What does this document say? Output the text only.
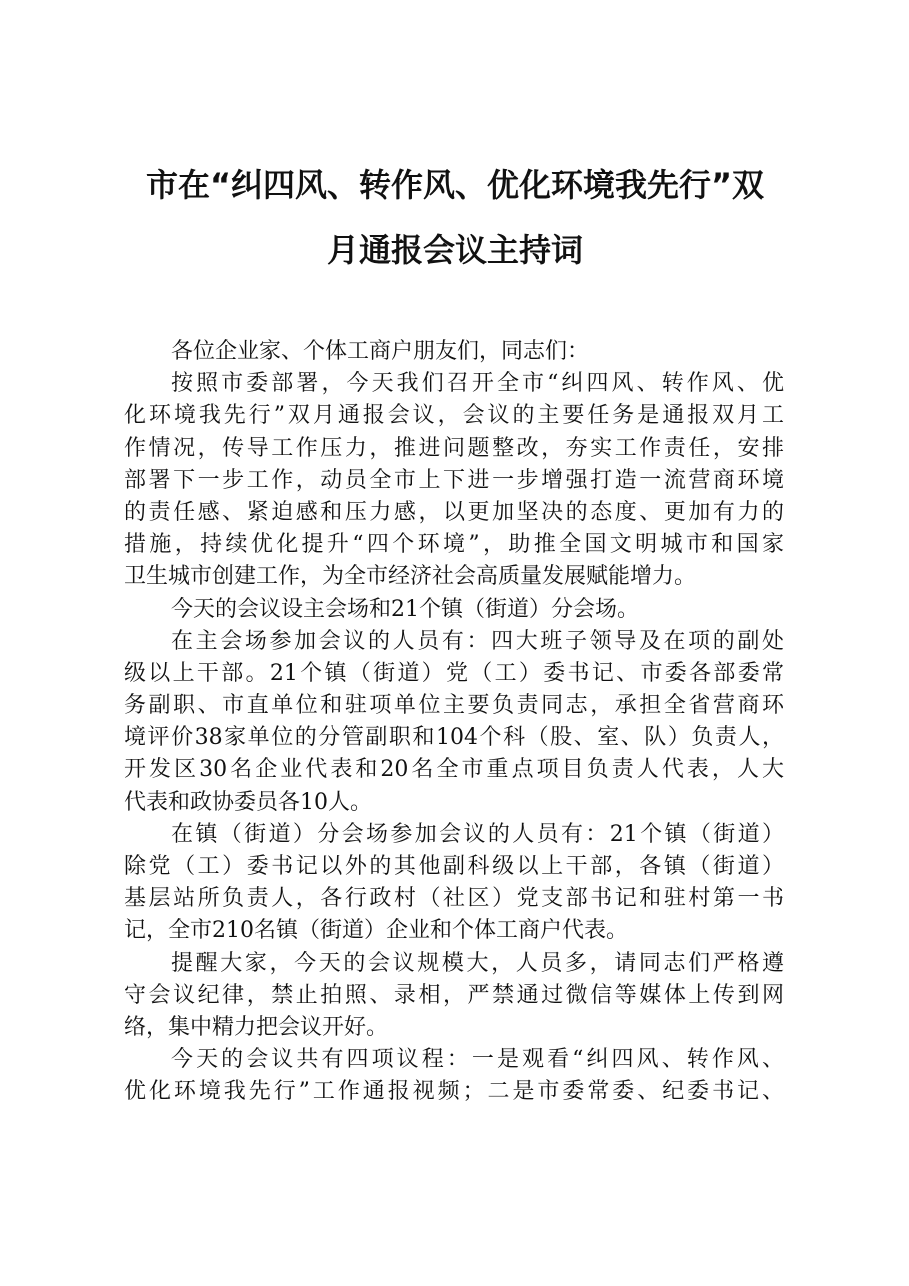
市在“纠四风、转作风、优化环境我先行”双
月通报会议主持词
各位企业家、个体工商户朋友们，同志们：
按照市委部署，今天我们召开全市“纠四风、转作风、优
化环境我先行”双月通报会议，会议的主要任务是通报双月工
作情况，传导工作压力，推进问题整改，夯实工作责任，安排
部署下一步工作，动员全市上下进一步增强打造一流营商环境
的责任感、紧迫感和压力感，以更加坚决的态度、更加有力的
措施，持续优化提升“四个环境”，助推全国文明城市和国家
卫生城市创建工作，为全市经济社会高质量发展赋能增力。
今天的会议设主会场和21个镇（街道）分会场。
在主会场参加会议的人员有：四大班子领导及在项的副处
级以上干部。21个镇（街道）党（工）委书记、市委各部委常
务副职、市直单位和驻项单位主要负责同志，承担全省营商环
境评价38家单位的分管副职和104个科（股、室、队）负责人，
开发区30名企业代表和20名全市重点项目负责人代表，人大
代表和政协委员各10人。
在镇（街道）分会场参加会议的人员有：21个镇（街道）
除党（工）委书记以外的其他副科级以上干部，各镇（街道）
基层站所负责人，各行政村（社区）党支部书记和驻村第一书
记，全市210名镇（街道）企业和个体工商户代表。
提醒大家，今天的会议规模大，人员多，请同志们严格遵
守会议纪律，禁止拍照、录相，严禁通过微信等媒体上传到网
络，集中精力把会议开好。
今天的会议共有四项议程：一是观看“纠四风、转作风、
优化环境我先行”工作通报视频；二是市委常委、纪委书记、
